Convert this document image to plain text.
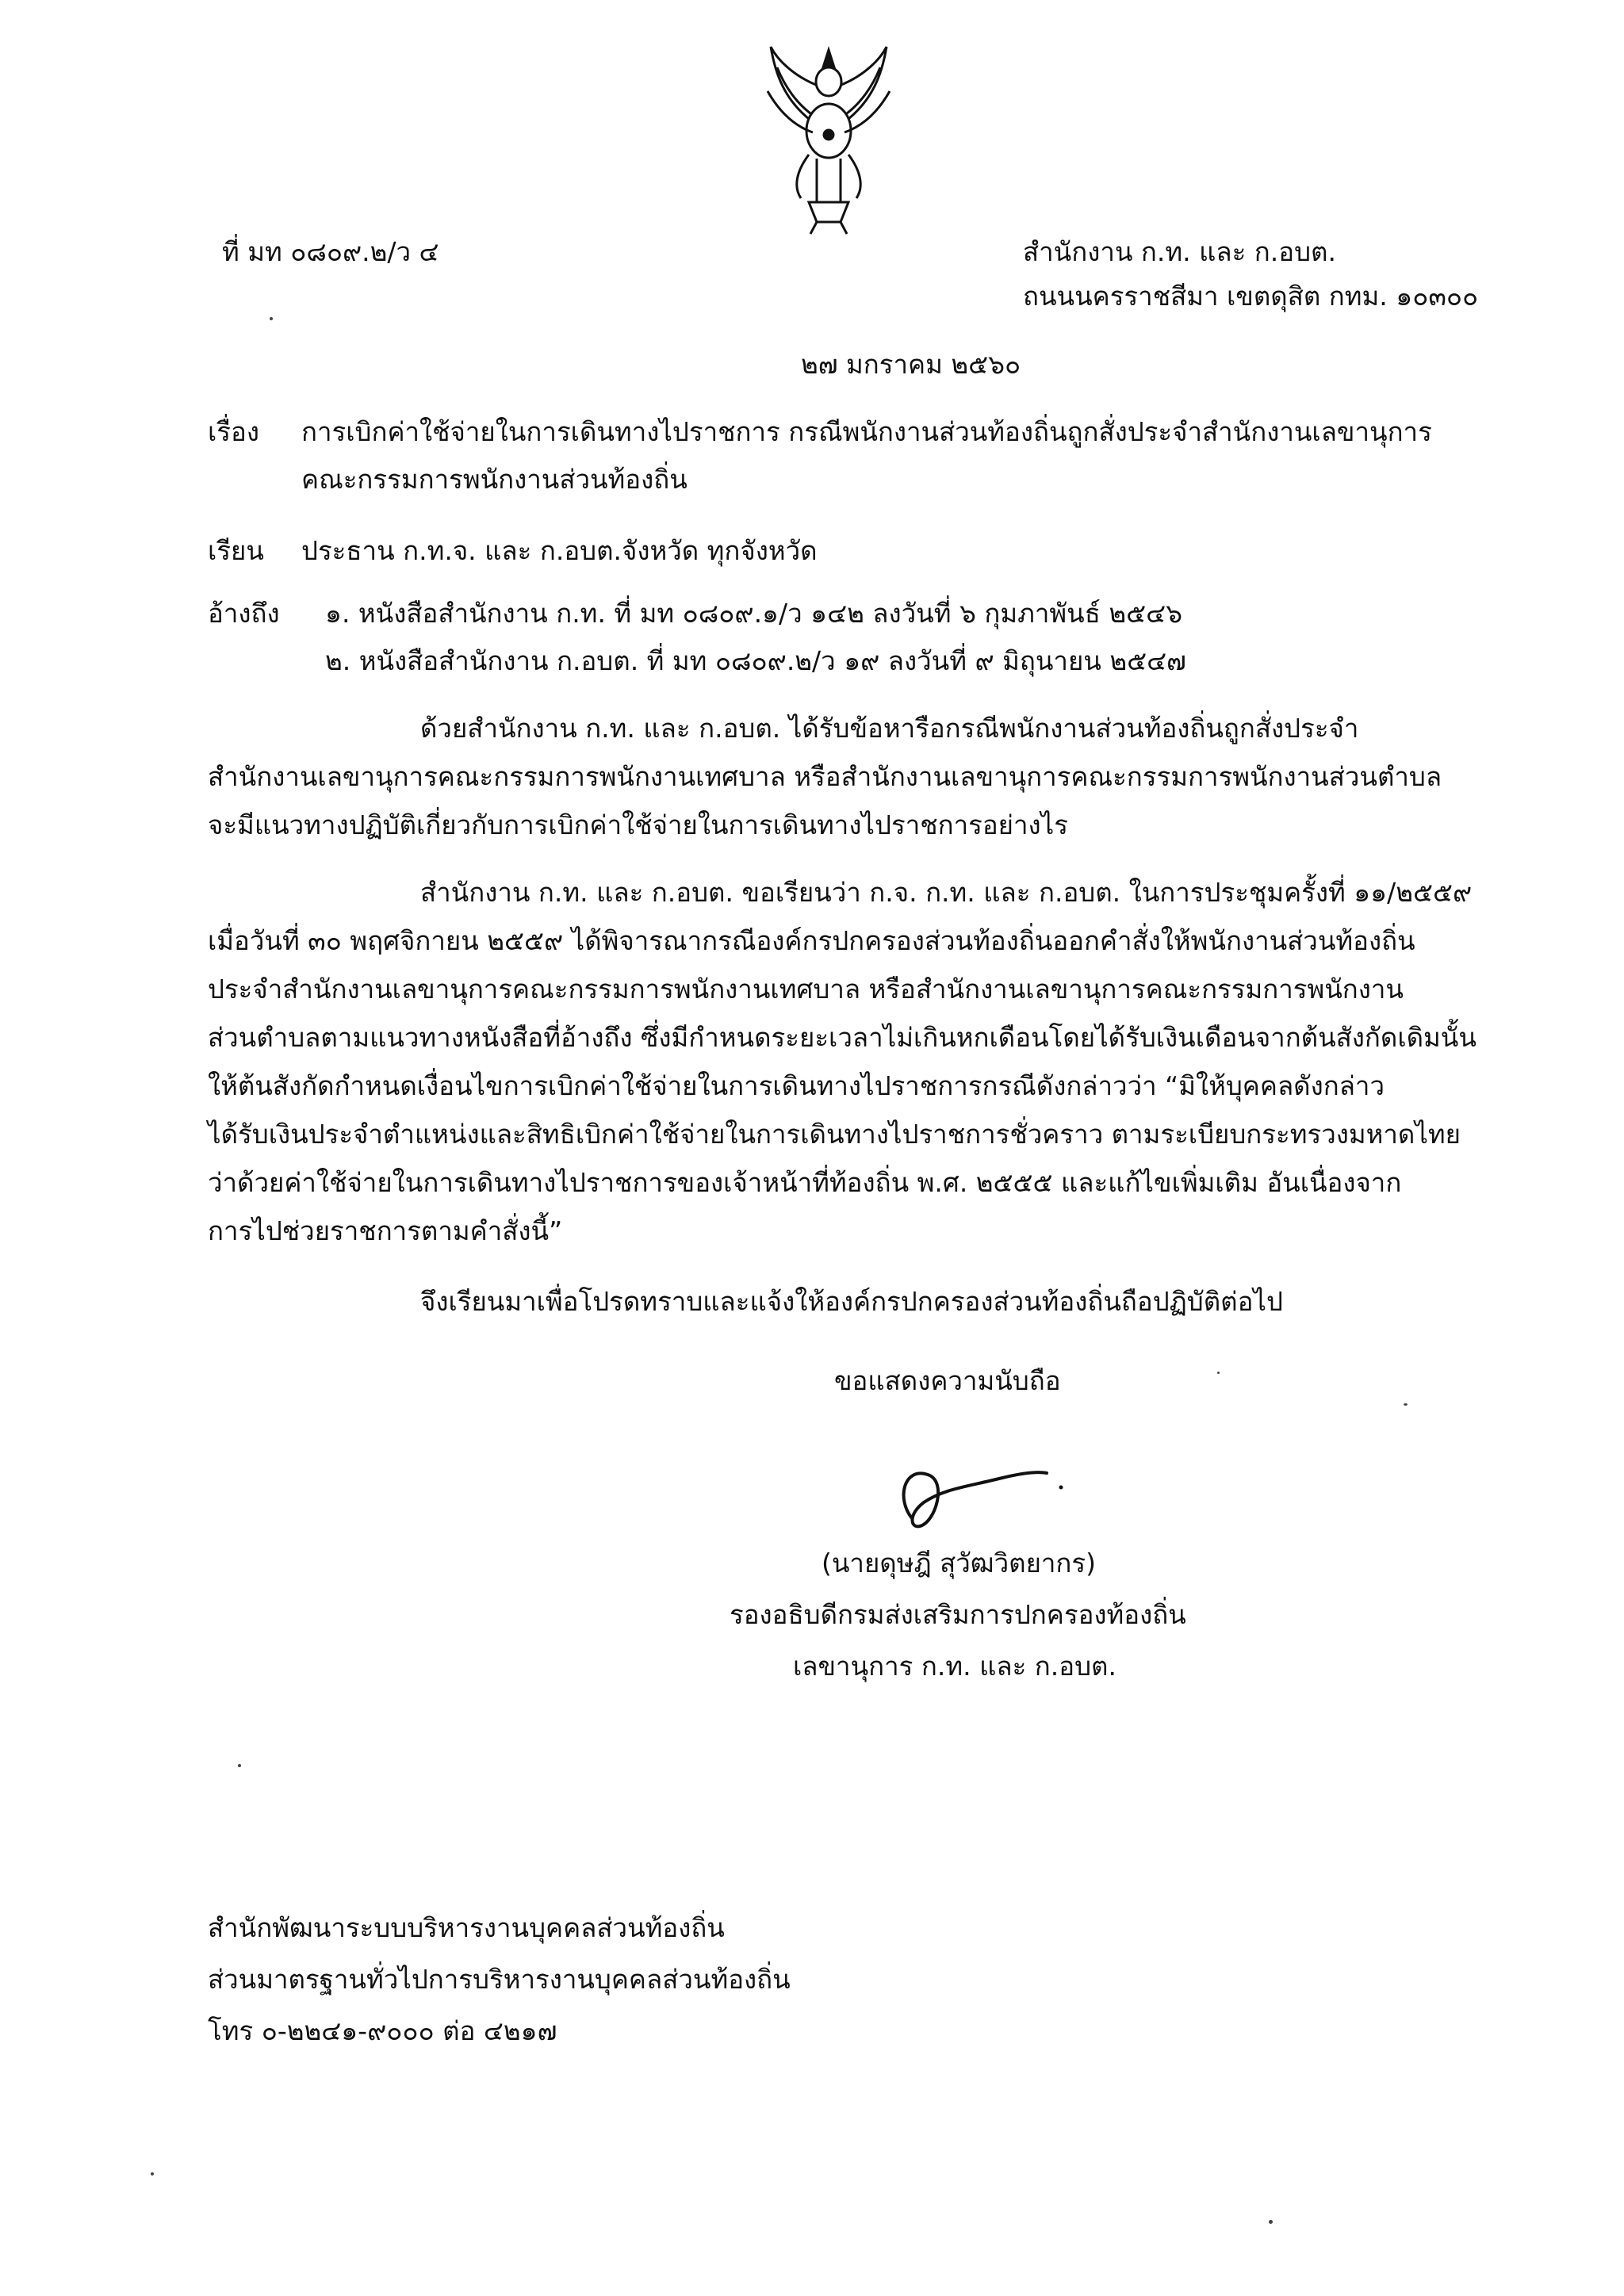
ที่ มท ๐๘๐๙.๒/ว ๔	สำนักงาน ก.ท. และ ก.อบต.
ถนนนครราชสีมา เขตดุสิต กทม. ๑๐๓๐๐
๒๗ มกราคม ๒๕๖๐
เรื่อง การเบิกค่าใช้จ่ายในการเดินทางไปราชการ กรณีพนักงานส่วนท้องถิ่นถูกสั่งประจำสำนักงานเลขานุการ
คณะกรรมการพนักงานส่วนท้องถิ่น
เรียน ประธาน ก.ท.จ. และ ก.อบต.จังหวัด ทุกจังหวัด
อ้างถึง ๑. หนังสือสำนักงาน ก.ท. ที่ มท ๐๘๐๙.๑/ว ๑๔๒ ลงวันที่ ๖ กุมภาพันธ์ ๒๕๔๖
๒. หนังสือสำนักงาน ก.อบต. ที่ มท ๐๘๐๙.๒/ว ๑๙ ลงวันที่ ๙ มิถุนายน ๒๕๔๗
ด้วยสำนักงาน ก.ท. และ ก.อบต. ได้รับข้อหารือกรณีพนักงานส่วนท้องถิ่นถูกสั่งประจำ
สำนักงานเลขานุการคณะกรรมการพนักงานเทศบาล หรือสำนักงานเลขานุการคณะกรรมการพนักงานส่วนตำบล
จะมีแนวทางปฏิบัติเกี่ยวกับการเบิกค่าใช้จ่ายในการเดินทางไปราชการอย่างไร
สำนักงาน ก.ท. และ ก.อบต. ขอเรียนว่า ก.จ. ก.ท. และ ก.อบต. ในการประชุมครั้งที่ ๑๑/๒๕๕๙
เมื่อวันที่ ๓๐ พฤศจิกายน ๒๕๕๙ ได้พิจารณากรณีองค์กรปกครองส่วนท้องถิ่นออกคำสั่งให้พนักงานส่วนท้องถิ่น
ประจำสำนักงานเลขานุการคณะกรรมการพนักงานเทศบาล หรือสำนักงานเลขานุการคณะกรรมการพนักงาน
ส่วนตำบลตามแนวทางหนังสือที่อ้างถึง ซึ่งมีกำหนดระยะเวลาไม่เกินหกเดือนโดยได้รับเงินเดือนจากต้นสังกัดเดิมนั้น
ให้ต้นสังกัดกำหนดเงื่อนไขการเบิกค่าใช้จ่ายในการเดินทางไปราชการกรณีดังกล่าวว่า “มิให้บุคคลดังกล่าว
ได้รับเงินประจำตำแหน่งและสิทธิเบิกค่าใช้จ่ายในการเดินทางไปราชการชั่วคราว ตามระเบียบกระทรวงมหาดไทย
ว่าด้วยค่าใช้จ่ายในการเดินทางไปราชการของเจ้าหน้าที่ท้องถิ่น พ.ศ. ๒๕๕๕ และแก้ไขเพิ่มเติม อันเนื่องจาก
การไปช่วยราชการตามคำสั่งนี้”
จึงเรียนมาเพื่อโปรดทราบและแจ้งให้องค์กรปกครองส่วนท้องถิ่นถือปฏิบัติต่อไป
ขอแสดงความนับถือ
(นายดุษฎี สุวัฒวิตยากร)
รองอธิบดีกรมส่งเสริมการปกครองท้องถิ่น
เลขานุการ ก.ท. และ ก.อบต.
สำนักพัฒนาระบบบริหารงานบุคคลส่วนท้องถิ่น
ส่วนมาตรฐานทั่วไปการบริหารงานบุคคลส่วนท้องถิ่น
โทร ๐-๒๒๔๑-๙๐๐๐ ต่อ ๔๒๑๗
